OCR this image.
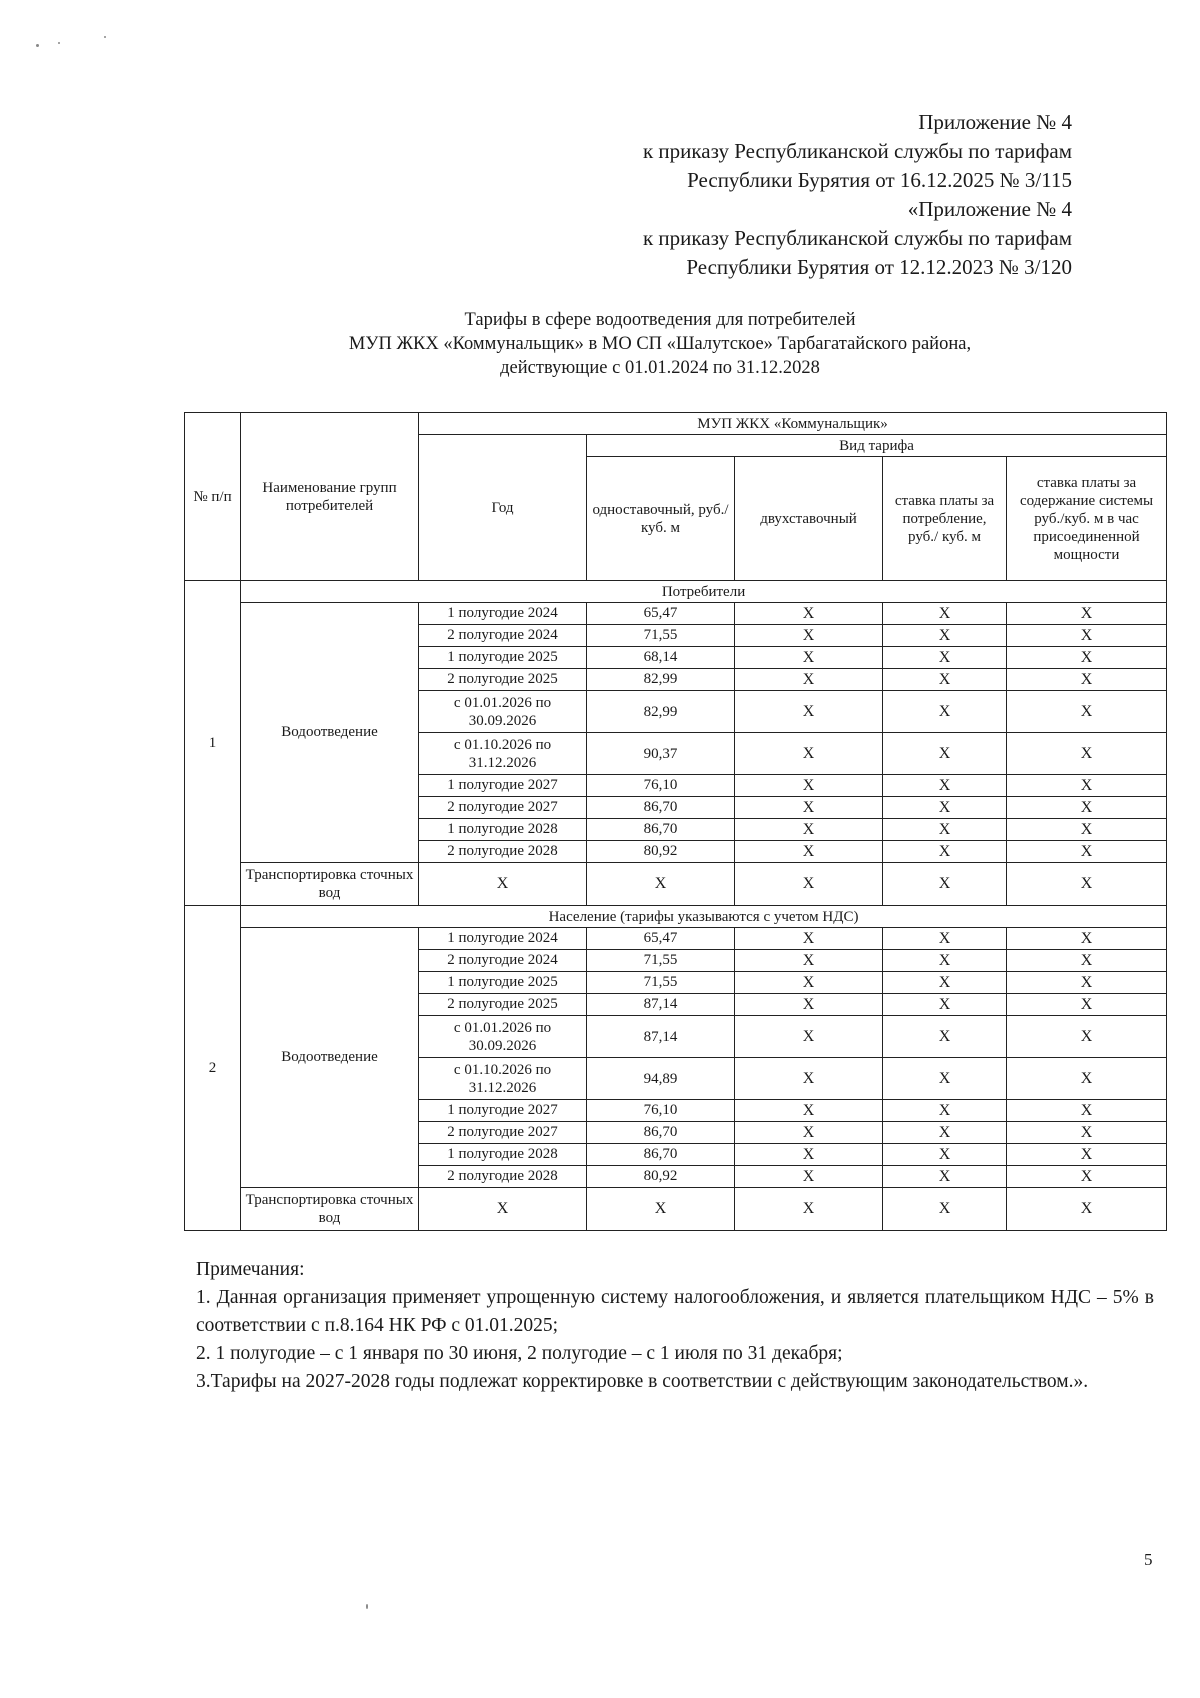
Приложение № 4
к приказу Республиканской службы по тарифам
Республики Бурятия от 16.12.2025 № 3/115
«Приложение № 4
к приказу Республиканской службы по тарифам
Республики Бурятия от 12.12.2023 № 3/120
Тарифы в сфере водоотведения для потребителей
МУП ЖКХ «Коммунальщик» в МО СП «Шалутское» Тарбагатайского района,
действующие с 01.01.2024 по 31.12.2028
№ п/п	Наименование групп потребителей	МУП ЖКХ «Коммунальщик»				
		Год	Вид тарифа			
			одноставочный, руб./ куб. м	двухставочный	ставка платы за потребление, руб./ куб. м	ставка платы за содержание системы руб./куб. м в час присоединенной мощности
1	Потребители					
	Водоотведение	1 полугодие 2024	65,47	X	X	X
		2 полугодие 2024	71,55	X	X	X
		1 полугодие 2025	68,14	X	X	X
		2 полугодие 2025	82,99	X	X	X
		с 01.01.2026 по 30.09.2026	82,99	X	X	X
		с 01.10.2026 по 31.12.2026	90,37	X	X	X
		1 полугодие 2027	76,10	X	X	X
		2 полугодие 2027	86,70	X	X	X
		1 полугодие 2028	86,70	X	X	X
		2 полугодие 2028	80,92	X	X	X
	Транспортировка сточных вод	X	X	X	X	X
2	Население (тарифы указываются с учетом НДС)					
	Водоотведение	1 полугодие 2024	65,47	X	X	X
		2 полугодие 2024	71,55	X	X	X
		1 полугодие 2025	71,55	X	X	X
		2 полугодие 2025	87,14	X	X	X
		с 01.01.2026 по 30.09.2026	87,14	X	X	X
		с 01.10.2026 по 31.12.2026	94,89	X	X	X
		1 полугодие 2027	76,10	X	X	X
		2 полугодие 2027	86,70	X	X	X
		1 полугодие 2028	86,70	X	X	X
		2 полугодие 2028	80,92	X	X	X
	Транспортировка сточных вод	X	X	X	X	X

Примечания:

1. Данная организация применяет упрощенную систему налогообложения, и является плательщиком НДС – 5% в соответствии с п.8.164 НК РФ с 01.01.2025;

2. 1 полугодие – с 1 января по 30 июня, 2 полугодие – с 1 июля по 31 декабря;

3.Тарифы на 2027-2028 годы подлежат корректировке в соответствии с действующим законодательством.».

5
